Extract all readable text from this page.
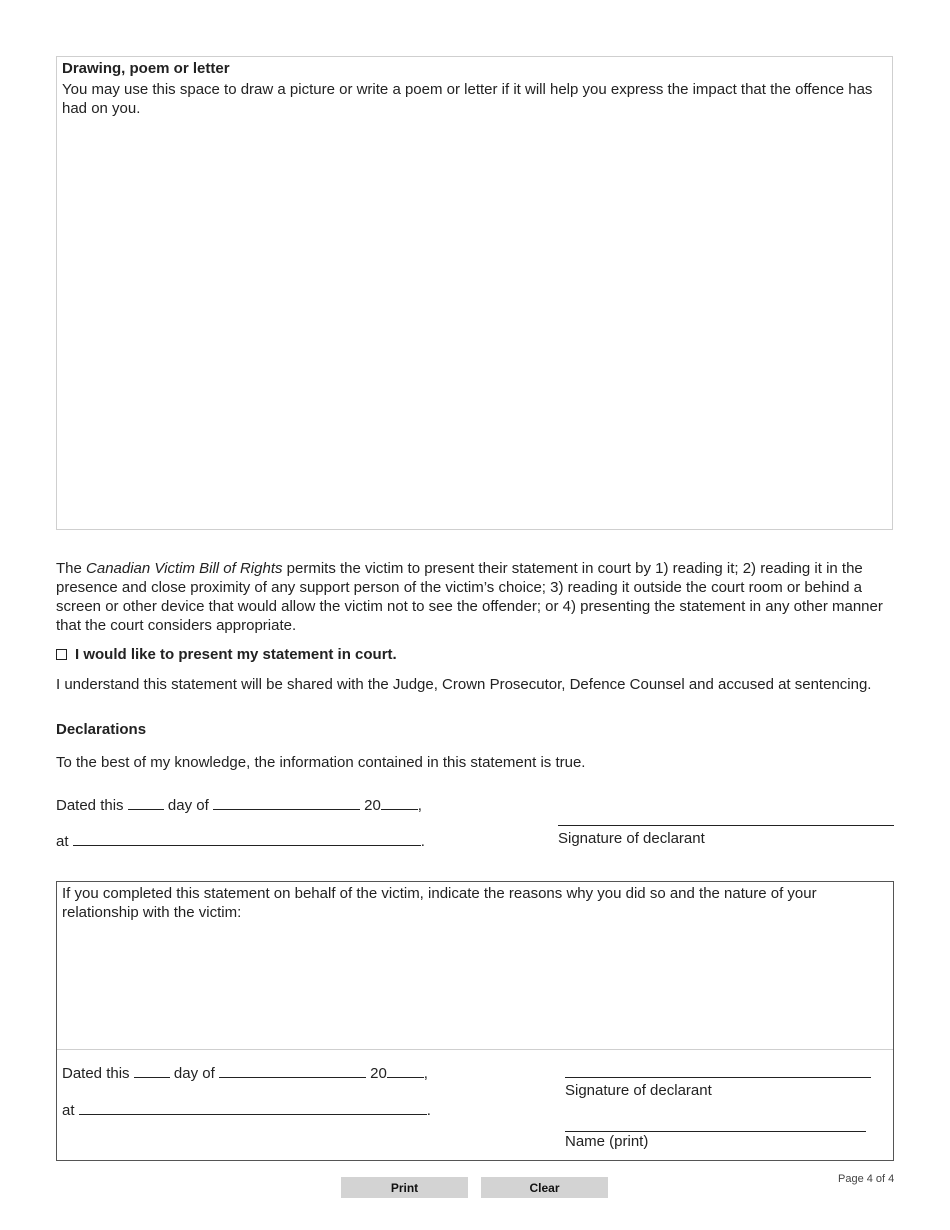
Drawing, poem or letter
You may use this space to draw a picture or write a poem or letter if it will help you express the impact that the offence has had on you.
The Canadian Victim Bill of Rights permits the victim to present their statement in court by 1) reading it; 2) reading it in the presence and close proximity of any support person of the victim’s choice; 3) reading it outside the court room or behind a screen or other device that would allow the victim not to see the offender; or 4) presenting the statement in any other manner that the court considers appropriate.
I would like to present my statement in court.
I understand this statement will be shared with the Judge, Crown Prosecutor, Defence Counsel and accused at sentencing.
Declarations
To the best of my knowledge, the information contained in this statement is true.
Dated this	day of	20 ,
at	.	Signature of declarant
If you completed this statement on behalf of the victim, indicate the reasons why you did so and the nature of your relationship with the victim:
Dated this	day of	20 ,
at	.
Signature of declarant
Name (print)
Print	Clear
Page 4 of 4
